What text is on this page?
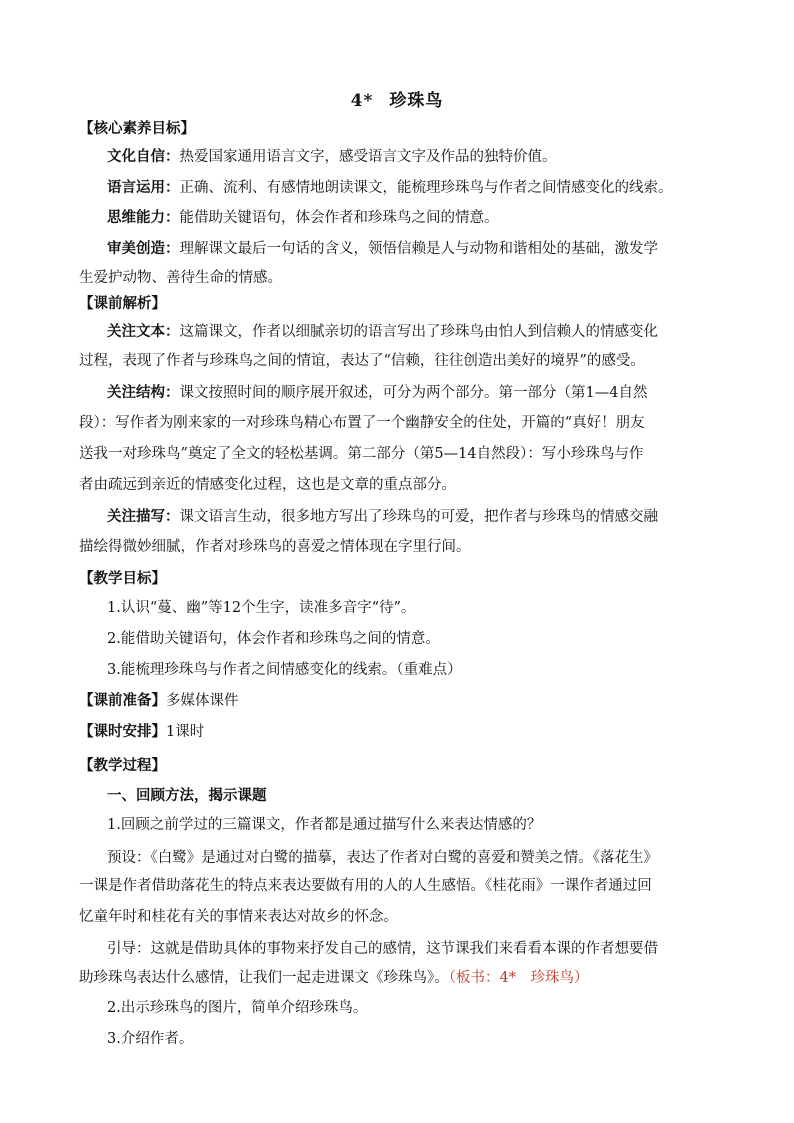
4* 珍珠鸟
【核心素养目标】
文化自信：热爱国家通用语言文字，感受语言文字及作品的独特价值。
语言运用：正确、流利、有感情地朗读课文，能梳理珍珠鸟与作者之间情感变化的线索。
思维能力：能借助关键语句，体会作者和珍珠鸟之间的情意。
审美创造：理解课文最后一句话的含义，领悟信赖是人与动物和谐相处的基础，激发学
生爱护动物、善待生命的情感。
【课前解析】
关注文本：这篇课文，作者以细腻亲切的语言写出了珍珠鸟由怕人到信赖人的情感变化
过程，表现了作者与珍珠鸟之间的情谊，表达了“信赖，往往创造出美好的境界”的感受。
关注结构：课文按照时间的顺序展开叙述，可分为两个部分。第一部分（第1—4自然
段）：写作者为刚来家的一对珍珠鸟精心布置了一个幽静安全的住处，开篇的“真好！朋友
送我一对珍珠鸟”奠定了全文的轻松基调。第二部分（第5—14自然段）：写小珍珠鸟与作
者由疏远到亲近的情感变化过程，这也是文章的重点部分。
关注描写：课文语言生动，很多地方写出了珍珠鸟的可爱，把作者与珍珠鸟的情感交融
描绘得微妙细腻，作者对珍珠鸟的喜爱之情体现在字里行间。
【教学目标】
1.认识“蔓、幽”等12个生字，读准多音字“待”。
2.能借助关键语句，体会作者和珍珠鸟之间的情意。
3.能梳理珍珠鸟与作者之间情感变化的线索。（重难点）
【课前准备】多媒体课件
【课时安排】1课时
【教学过程】
一、回顾方法，揭示课题
1.回顾之前学过的三篇课文，作者都是通过描写什么来表达情感的？
预设：《白鹭》是通过对白鹭的描摹，表达了作者对白鹭的喜爱和赞美之情。《落花生》
一课是作者借助落花生的特点来表达要做有用的人的人生感悟。《桂花雨》一课作者通过回
忆童年时和桂花有关的事情来表达对故乡的怀念。
引导：这就是借助具体的事物来抒发自己的感情，这节课我们来看看本课的作者想要借
助珍珠鸟表达什么感情，让我们一起走进课文《珍珠鸟》。（板书：4*　珍珠鸟）
2.出示珍珠鸟的图片，简单介绍珍珠鸟。
3.介绍作者。
